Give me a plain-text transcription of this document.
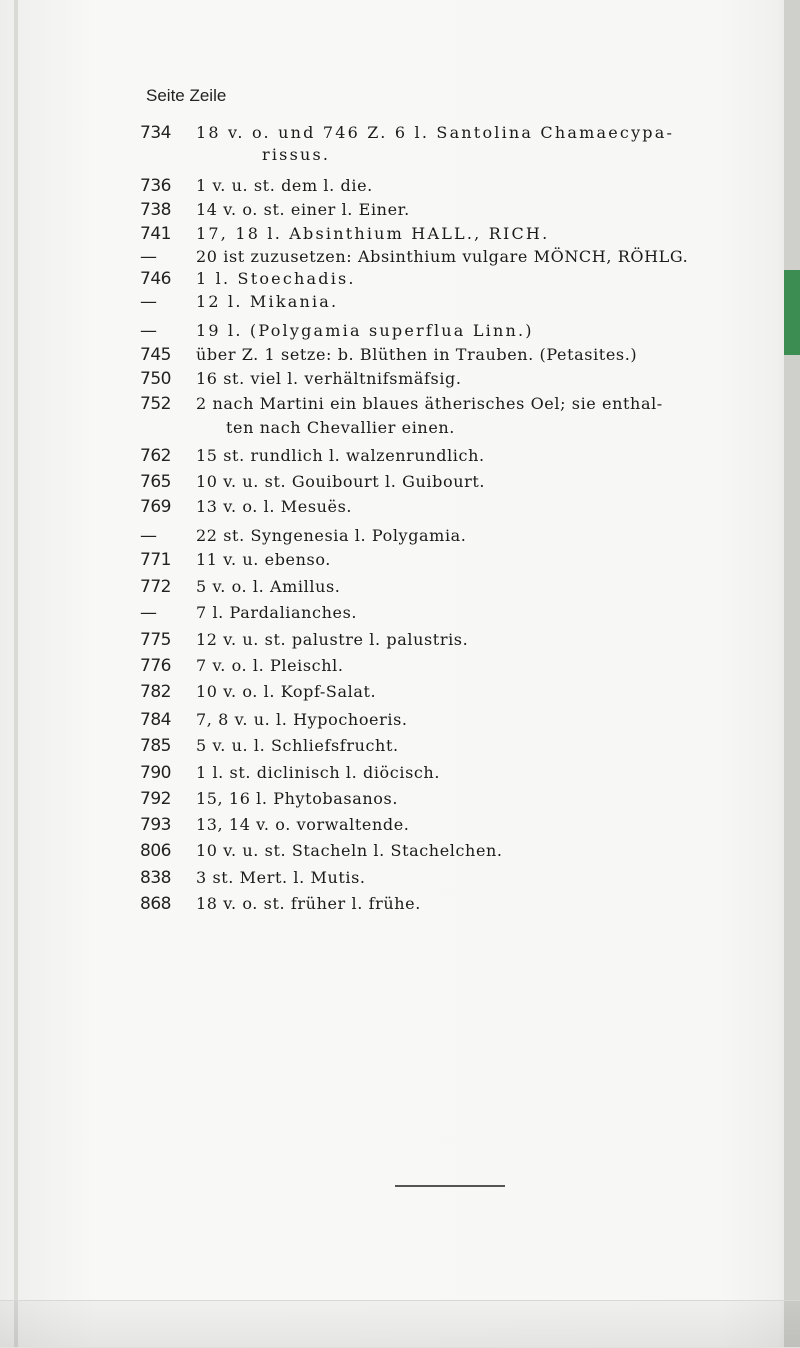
Seite Zeile
734	18 v. o. und 746 Z. 6 l. Santolina Chamaecypa-
rissus.
736	1 v. u. st. dem l. die.
738	14 v. o. st. einer l. Einer.
741	17, 18 l. Absinthium HALL., RICH.
—	20 ist zuzusetzen: Absinthium vulgare MÖNCH, RÖHLG.
746	1 l. Stoechadis.
—	12 l. Mikania.
—	19 l. (Polygamia superflua Linn.)
745	über Z. 1 setze: b. Blüthen in Trauben. (Petasites.)
750	16 st. viel l. verhältnifsmäfsig.
752	2 nach Martini ein blaues ätherisches Oel; sie enthal-
ten nach Chevallier einen.
762	15 st. rundlich l. walzenrundlich.
765	10 v. u. st. Gouibourt l. Guibourt.
769	13 v. o. l. Mesuës.
—	22 st. Syngenesia l. Polygamia.
771	11 v. u. ebenso.
772	5 v. o. l. Amillus.
—	7 l. Pardalianches.
775	12 v. u. st. palustre l. palustris.
776	7 v. o. l. Pleischl.
782	10 v. o. l. Kopf-Salat.
784	7, 8 v. u. l. Hypochoeris.
785	5 v. u. l. Schliefsfrucht.
790	1 l. st. diclinisch l. diöcisch.
792	15, 16 l. Phytobasanos.
793	13, 14 v. o. vorwaltende.
806	10 v. u. st. Stacheln l. Stachelchen.
838	3 st. Mert. l. Mutis.
868	18 v. o. st. früher l. frühe.
